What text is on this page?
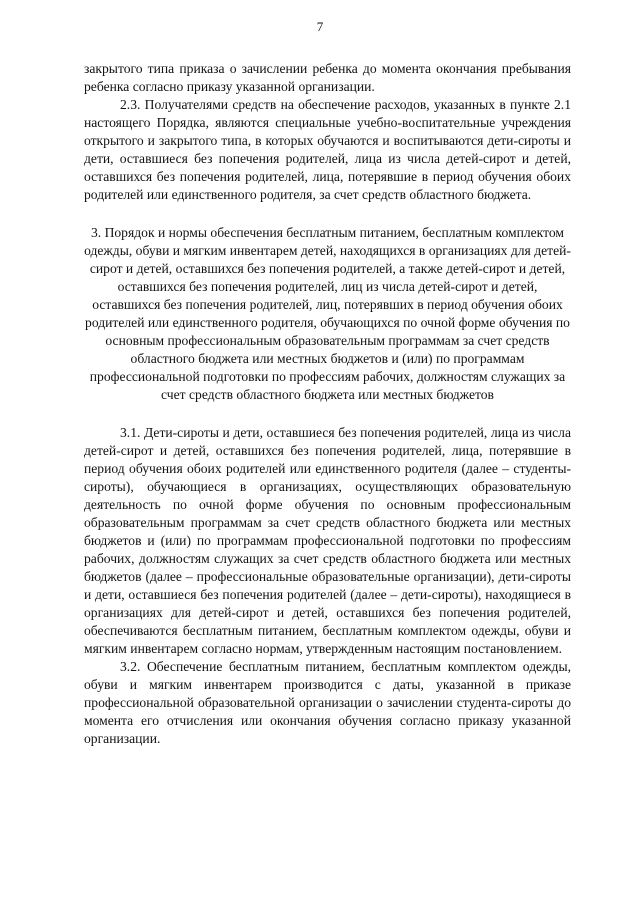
7

закрытого типа приказа о зачислении ребенка до момента окончания пребывания ребенка согласно приказу указанной организации.

2.3. Получателями средств на обеспечение расходов, указанных в пункте 2.1 настоящего Порядка, являются специальные учебно-воспитательные учреждения открытого и закрытого типа, в которых обучаются и воспитываются дети-сироты и дети, оставшиеся без попечения родителей, лица из числа детей-сирот и детей, оставшихся без попечения родителей, лица, потерявшие в период обучения обоих родителей или единственного родителя, за счет средств областного бюджета.

3. Порядок и нормы обеспечения бесплатным питанием, бесплатным комплектом одежды, обуви и мягким инвентарем детей, находящихся в организациях для детей-сирот и детей, оставшихся без попечения родителей, а также детей-сирот и детей, оставшихся без попечения родителей, лиц из числа детей-сирот и детей, оставшихся без попечения родителей, лиц, потерявших в период обучения обоих родителей или единственного родителя, обучающихся по очной форме обучения по основным профессиональным образовательным программам за счет средств областного бюджета или местных бюджетов и (или) по программам профессиональной подготовки по профессиям рабочих, должностям служащих за счет средств областного бюджета или местных бюджетов

3.1. Дети-сироты и дети, оставшиеся без попечения родителей, лица из числа детей-сирот и детей, оставшихся без попечения родителей, лица, потерявшие в период обучения обоих родителей или единственного родителя (далее – студенты-сироты), обучающиеся в организациях, осуществляющих образовательную деятельность по очной форме обучения по основным профессиональным образовательным программам за счет средств областного бюджета или местных бюджетов и (или) по программам профессиональной подготовки по профессиям рабочих, должностям служащих за счет средств областного бюджета или местных бюджетов (далее – профессиональные образовательные организации), дети-сироты и дети, оставшиеся без попечения родителей (далее – дети-сироты), находящиеся в организациях для детей-сирот и детей, оставшихся без попечения родителей, обеспечиваются бесплатным питанием, бесплатным комплектом одежды, обуви и мягким инвентарем согласно нормам, утвержденным настоящим постановлением.

3.2. Обеспечение бесплатным питанием, бесплатным комплектом одежды, обуви и мягким инвентарем производится с даты, указанной в приказе профессиональной образовательной организации о зачислении студента-сироты до момента его отчисления или окончания обучения согласно приказу указанной организации.
